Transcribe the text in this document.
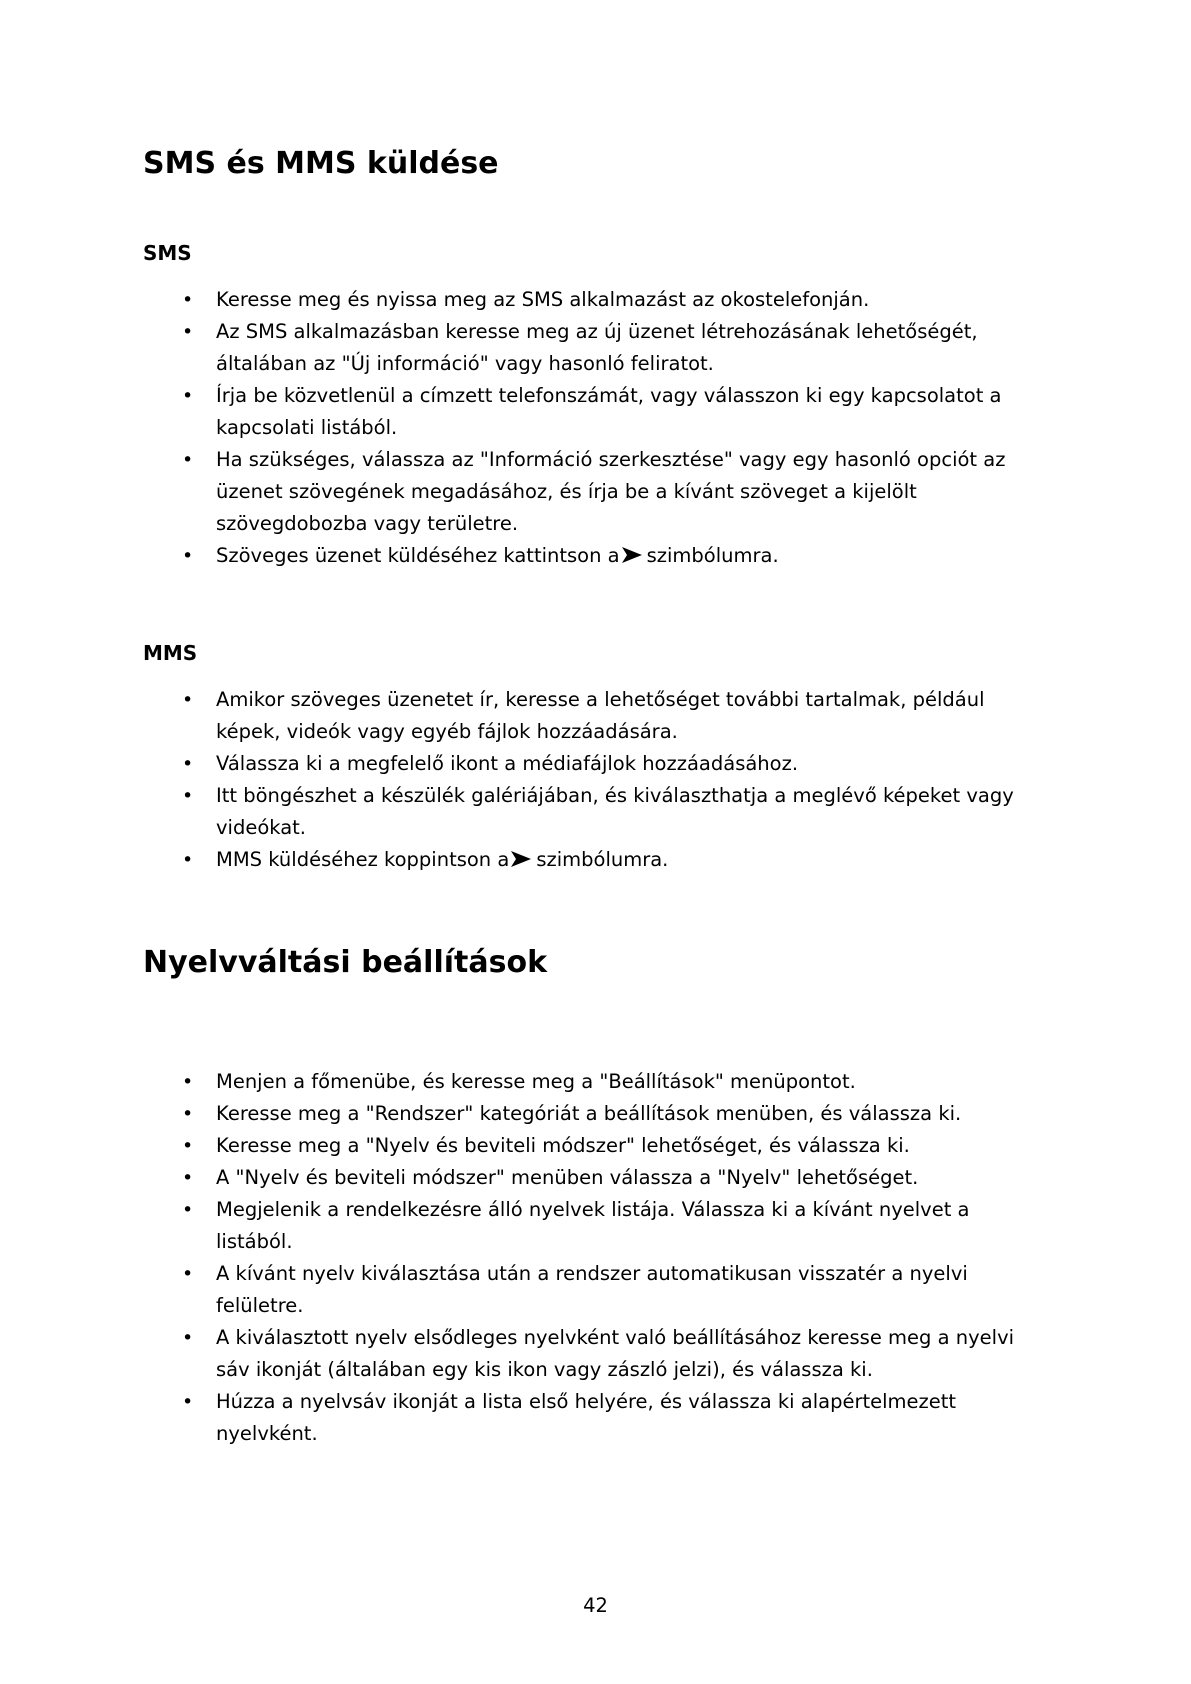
SMS és MMS küldése
SMS
• Keresse meg és nyissa meg az SMS alkalmazást az okostelefonján.
• Az SMS alkalmazásban keresse meg az új üzenet létrehozásának lehetőségét, általában az "Új információ" vagy hasonló feliratot.
• Írja be közvetlenül a címzett telefonszámát, vagy válasszon ki egy kapcsolatot a kapcsolati listából.
• Ha szükséges, válassza az "Információ szerkesztése" vagy egy hasonló opciót az üzenet szövegének megadásához, és írja be a kívánt szöveget a kijelölt szövegdobozba vagy területre.
• Szöveges üzenet küldéséhez kattintson a szimbólumra.
MMS
• Amikor szöveges üzenetet ír, keresse a lehetőséget további tartalmak, például képek, videók vagy egyéb fájlok hozzáadására.
• Válassza ki a megfelelő ikont a médiafájlok hozzáadásához.
• Itt böngészhet a készülék galériájában, és kiválaszthatja a meglévő képeket vagy videókat.
• MMS küldéséhez koppintson a szimbólumra.
Nyelvváltási beállítások
• Menjen a főmenübe, és keresse meg a "Beállítások" menüpontot.
• Keresse meg a "Rendszer" kategóriát a beállítások menüben, és válassza ki.
• Keresse meg a "Nyelv és beviteli módszer" lehetőséget, és válassza ki.
• A "Nyelv és beviteli módszer" menüben válassza a "Nyelv" lehetőséget.
• Megjelenik a rendelkezésre álló nyelvek listája. Válassza ki a kívánt nyelvet a listából.
• A kívánt nyelv kiválasztása után a rendszer automatikusan visszatér a nyelvi felületre.
• A kiválasztott nyelv elsődleges nyelvként való beállításához keresse meg a nyelvi sáv ikonját (általában egy kis ikon vagy zászló jelzi), és válassza ki.
• Húzza a nyelvsáv ikonját a lista első helyére, és válassza ki alapértelmezett nyelvként.
42
